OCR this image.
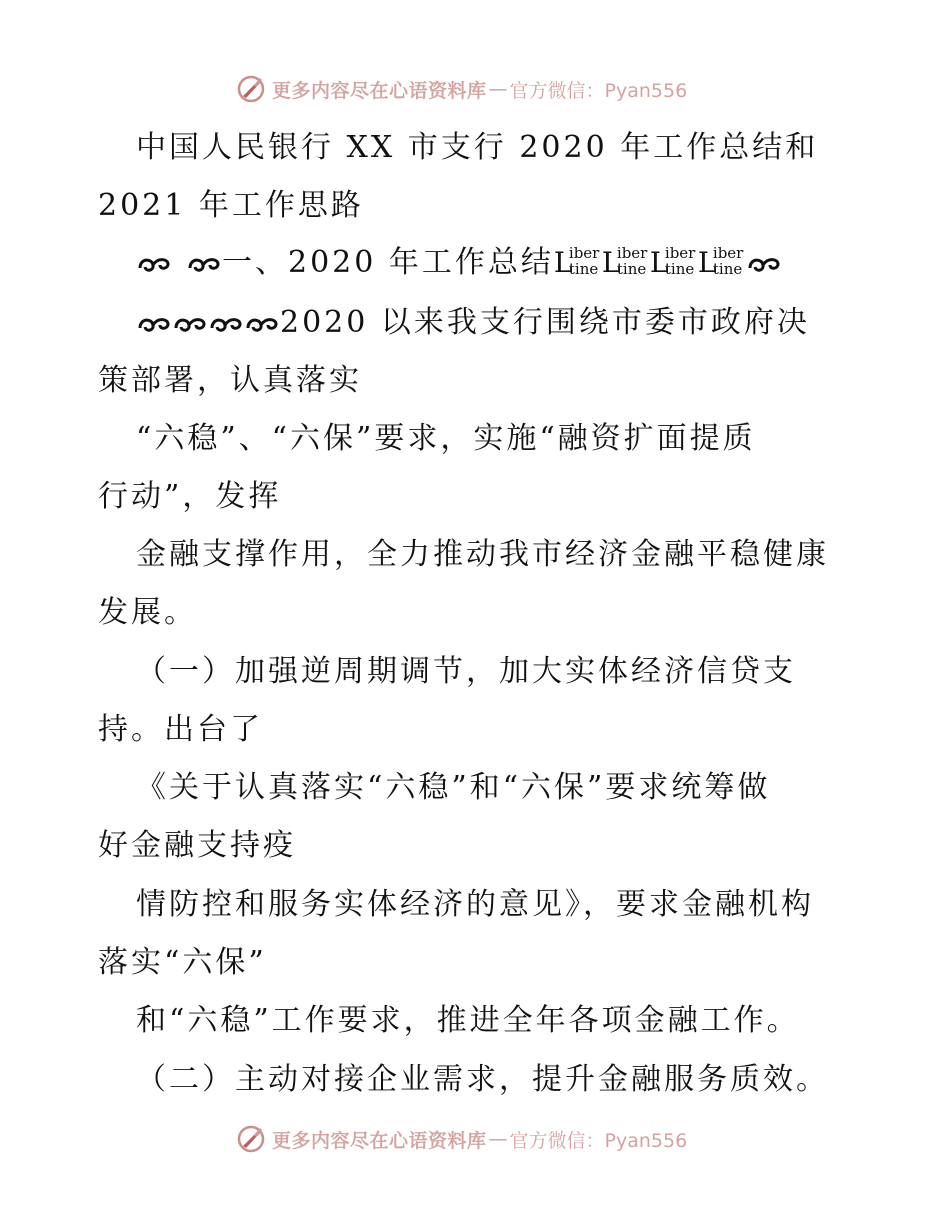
更多内容尽在心语资料库 — 官方微信：Pyan556
中国人民银行 XX 市支行 2020 年工作总结和
2021 年工作思路
一、2020 年工作总结 L
iber
tine L
iber
tine L
iber
tine L
iber
tine
2020 以来我支行围绕市委市政府决
策部署，认真落实
“六稳”、“六保”要求，实施“融资扩面提质
行动”，发挥
金融支撑作用，全力推动我市经济金融平稳健康
发展。
（一）加强逆周期调节，加大实体经济信贷支
持。出台了
《关于认真落实“六稳”和“六保”要求统筹做
好金融支持疫
情防控和服务实体经济的意见》，要求金融机构
落实“六保”
和“六稳”工作要求，推进全年各项金融工作。
（二）主动对接企业需求，提升金融服务质效。
更多内容尽在心语资料库 — 官方微信：Pyan556
